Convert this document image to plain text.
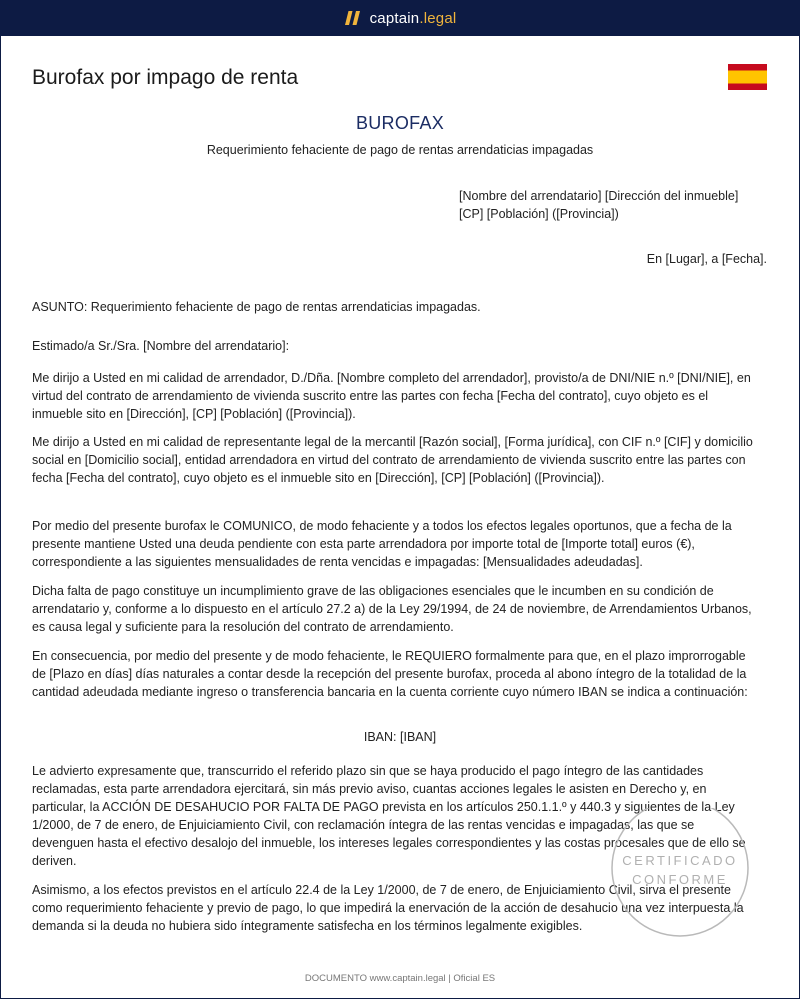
captain.legal
Burofax por impago de renta
BUROFAX
Requerimiento fehaciente de pago de rentas arrendaticias impagadas
[Nombre del arrendatario] [Dirección del inmueble] [CP] [Población] ([Provincia])
En [Lugar], a [Fecha].

ASUNTO: Requerimiento fehaciente de pago de rentas arrendaticias impagadas.

Estimado/a Sr./Sra. [Nombre del arrendatario]:

Me dirijo a Usted en mi calidad de arrendador, D./Dña. [Nombre completo del arrendador], provisto/a de DNI/NIE n.º [DNI/NIE], en virtud del contrato de arrendamiento de vivienda suscrito entre las partes con fecha [Fecha del contrato], cuyo objeto es el inmueble sito en [Dirección], [CP] [Población] ([Provincia]).

Me dirijo a Usted en mi calidad de representante legal de la mercantil [Razón social], [Forma jurídica], con CIF n.º [CIF] y domicilio social en [Domicilio social], entidad arrendadora en virtud del contrato de arrendamiento de vivienda suscrito entre las partes con fecha [Fecha del contrato], cuyo objeto es el inmueble sito en [Dirección], [CP] [Población] ([Provincia]).

Por medio del presente burofax le COMUNICO, de modo fehaciente y a todos los efectos legales oportunos, que a fecha de la presente mantiene Usted una deuda pendiente con esta parte arrendadora por importe total de [Importe total] euros (€), correspondiente a las siguientes mensualidades de renta vencidas e impagadas: [Mensualidades adeudadas].

Dicha falta de pago constituye un incumplimiento grave de las obligaciones esenciales que le incumben en su condición de arrendatario y, conforme a lo dispuesto en el artículo 27.2 a) de la Ley 29/1994, de 24 de noviembre, de Arrendamientos Urbanos, es causa legal y suficiente para la resolución del contrato de arrendamiento.

En consecuencia, por medio del presente y de modo fehaciente, le REQUIERO formalmente para que, en el plazo improrrogable de [Plazo en días] días naturales a contar desde la recepción del presente burofax, proceda al abono íntegro de la totalidad de la cantidad adeudada mediante ingreso o transferencia bancaria en la cuenta corriente cuyo número IBAN se indica a continuación:

IBAN: [IBAN]

Le advierto expresamente que, transcurrido el referido plazo sin que se haya producido el pago íntegro de las cantidades reclamadas, esta parte arrendadora ejercitará, sin más previo aviso, cuantas acciones legales le asisten en Derecho y, en particular, la ACCIÓN DE DESAHUCIO POR FALTA DE PAGO prevista en los artículos 250.1.1.º y 440.3 y siguientes de la Ley 1/2000, de 7 de enero, de Enjuiciamiento Civil, con reclamación íntegra de las rentas vencidas e impagadas, las que se devenguen hasta el efectivo desalojo del inmueble, los intereses legales correspondientes y las costas procesales que de ello se deriven.

Asimismo, a los efectos previstos en el artículo 22.4 de la Ley 1/2000, de 7 de enero, de Enjuiciamiento Civil, sirva el presente como requerimiento fehaciente y previo de pago, lo que impedirá la enervación de la acción de desahucio una vez interpuesta la demanda si la deuda no hubiera sido íntegramente satisfecha en los términos legalmente exigibles.

CERTIFICADO
CONFORME
DOCUMENTO www.captain.legal | Oficial ES
